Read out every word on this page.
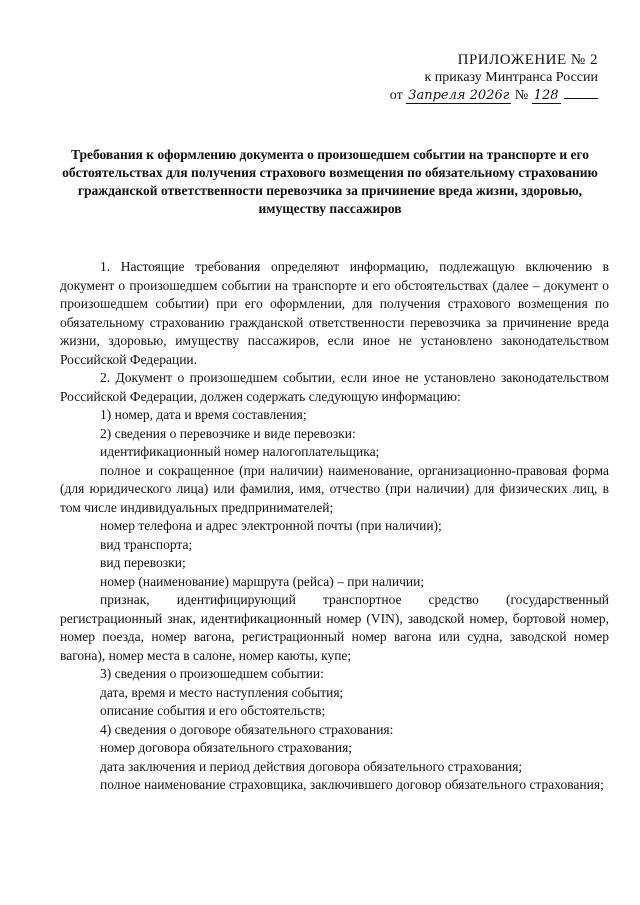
ПРИЛОЖЕНИЕ № 2
к приказу Минтранса России
от 3апреля 2026г № 128
Требования к оформлению документа о произошедшем событии на транспорте и его обстоятельствах для получения страхового возмещения по обязательному страхованию гражданской ответственности перевозчика за причинение вреда жизни, здоровью, имуществу пассажиров

1. Настоящие требования определяют информацию, подлежащую включению в документ о произошедшем событии на транспорте и его обстоятельствах (далее – документ о произошедшем событии) при его оформлении, для получения страхового возмещения по обязательному страхованию гражданской ответственности перевозчика за причинение вреда жизни, здоровью, имуществу пассажиров, если иное не установлено законодательством Российской Федерации.

2. Документ о произошедшем событии, если иное не установлено законодательством Российской Федерации, должен содержать следующую информацию:

1) номер, дата и время составления;

2) сведения о перевозчике и виде перевозки:

идентификационный номер налогоплательщика;

полное и сокращенное (при наличии) наименование, организационно-правовая форма (для юридического лица) или фамилия, имя, отчество (при наличии) для физических лиц, в том числе индивидуальных предпринимателей;

номер телефона и адрес электронной почты (при наличии);

вид транспорта;

вид перевозки;

номер (наименование) маршрута (рейса) – при наличии;

признак, идентифицирующий транспортное средство (государственный регистрационный знак, идентификационный номер (VIN), заводской номер, бортовой номер, номер поезда, номер вагона, регистрационный номер вагона или судна, заводской номер вагона), номер места в салоне, номер каюты, купе;

3) сведения о произошедшем событии:

дата, время и место наступления события;

описание события и его обстоятельств;

4) сведения о договоре обязательного страхования:

номер договора обязательного страхования;

дата заключения и период действия договора обязательного страхования;

полное наименование страховщика, заключившего договор обязательного страхования;
